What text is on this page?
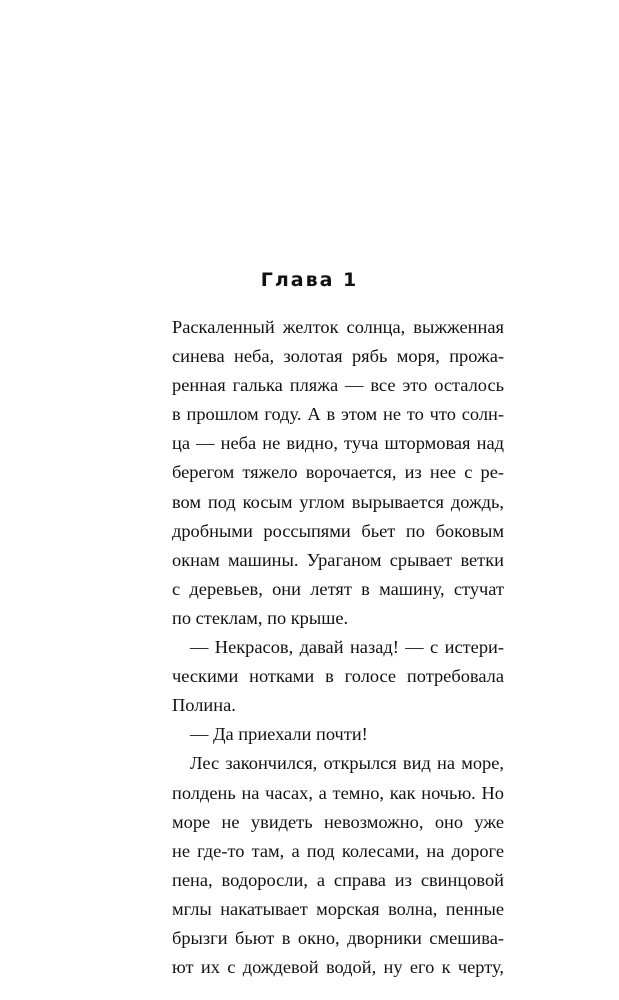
Глава 1
Раскаленный желток солнца, выжженная
синева неба, золотая рябь моря, прожа-
ренная галька пляжа — все это осталось
в прошлом году. А в этом не то что солн-
ца — неба не видно, туча штормовая над
берегом тяжело ворочается, из нее с ре-
вом под косым углом вырывается дождь,
дробными россыпями бьет по боковым
окнам машины. Ураганом срывает ветки
с деревьев, они летят в машину, стучат
по стеклам, по крыше.
— Некрасов, давай назад! — с истери-
ческими нотками в голосе потребовала
Полина.
— Да приехали почти!
Лес закончился, открылся вид на море,
полдень на часах, а темно, как ночью. Но
море не увидеть невозможно, оно уже
не где-то там, а под колесами, на дороге
пена, водоросли, а справа из свинцовой
мглы накатывает морская волна, пенные
брызги бьют в окно, дворники смешива-
ют их с дождевой водой, ну его к черту,
